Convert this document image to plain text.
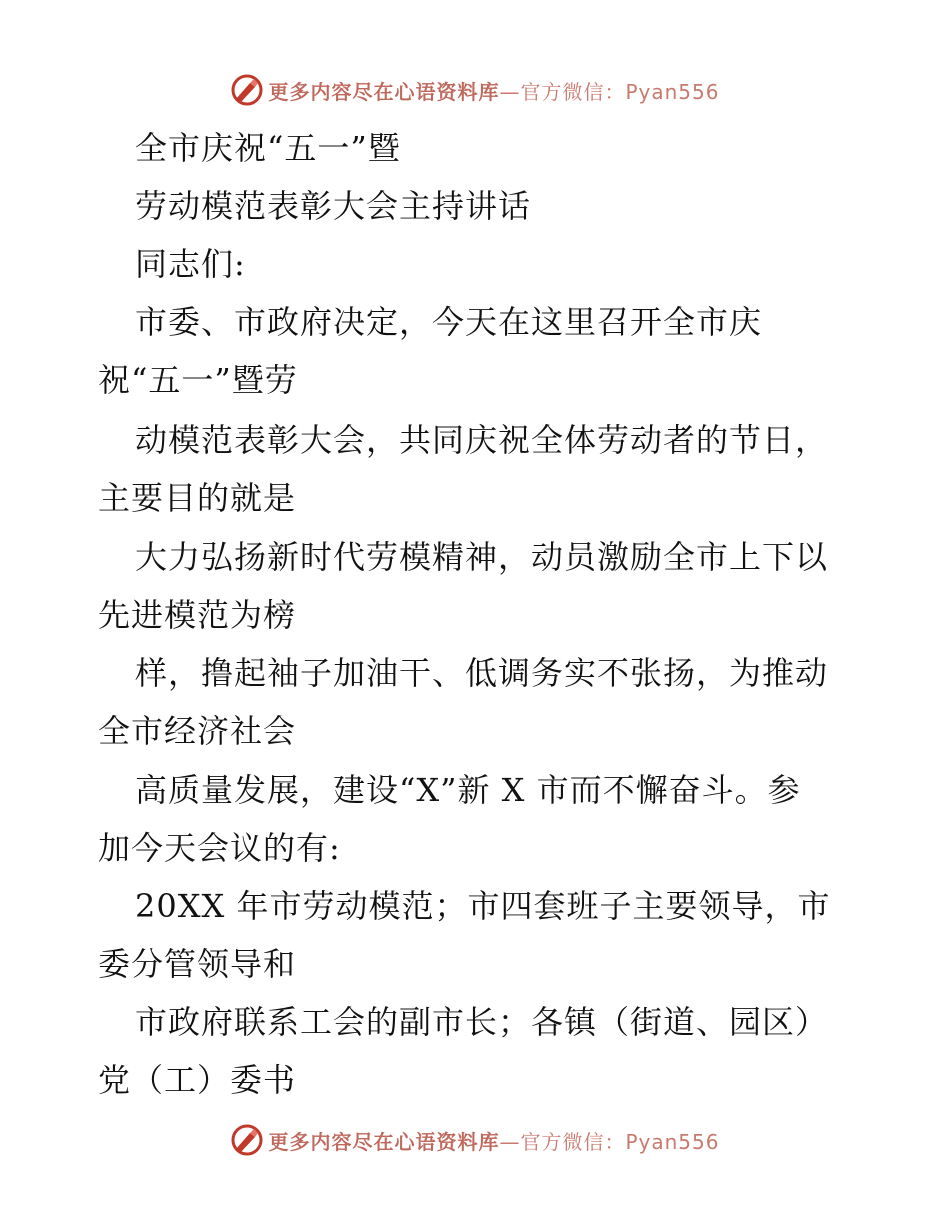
更多内容尽在心语资料库 —官方微信：Pyan556
全市庆祝“五一”暨
劳动模范表彰大会主持讲话
同志们:
市委、市政府决定，今天在这里召开全市庆
祝“五一”暨劳
动模范表彰大会，共同庆祝全体劳动者的节日，
主要目的就是
大力弘扬新时代劳模精神，动员激励全市上下以
先进模范为榜
样，撸起袖子加油干、低调务实不张扬，为推动
全市经济社会
高质量发展，建设“X”新 X 市而不懈奋斗。参
加今天会议的有:
20XX 年市劳动模范；市四套班子主要领导，市
委分管领导和
市政府联系工会的副市长；各镇（街道、园区）
党（工）委书
更多内容尽在心语资料库 —官方微信：Pyan556
